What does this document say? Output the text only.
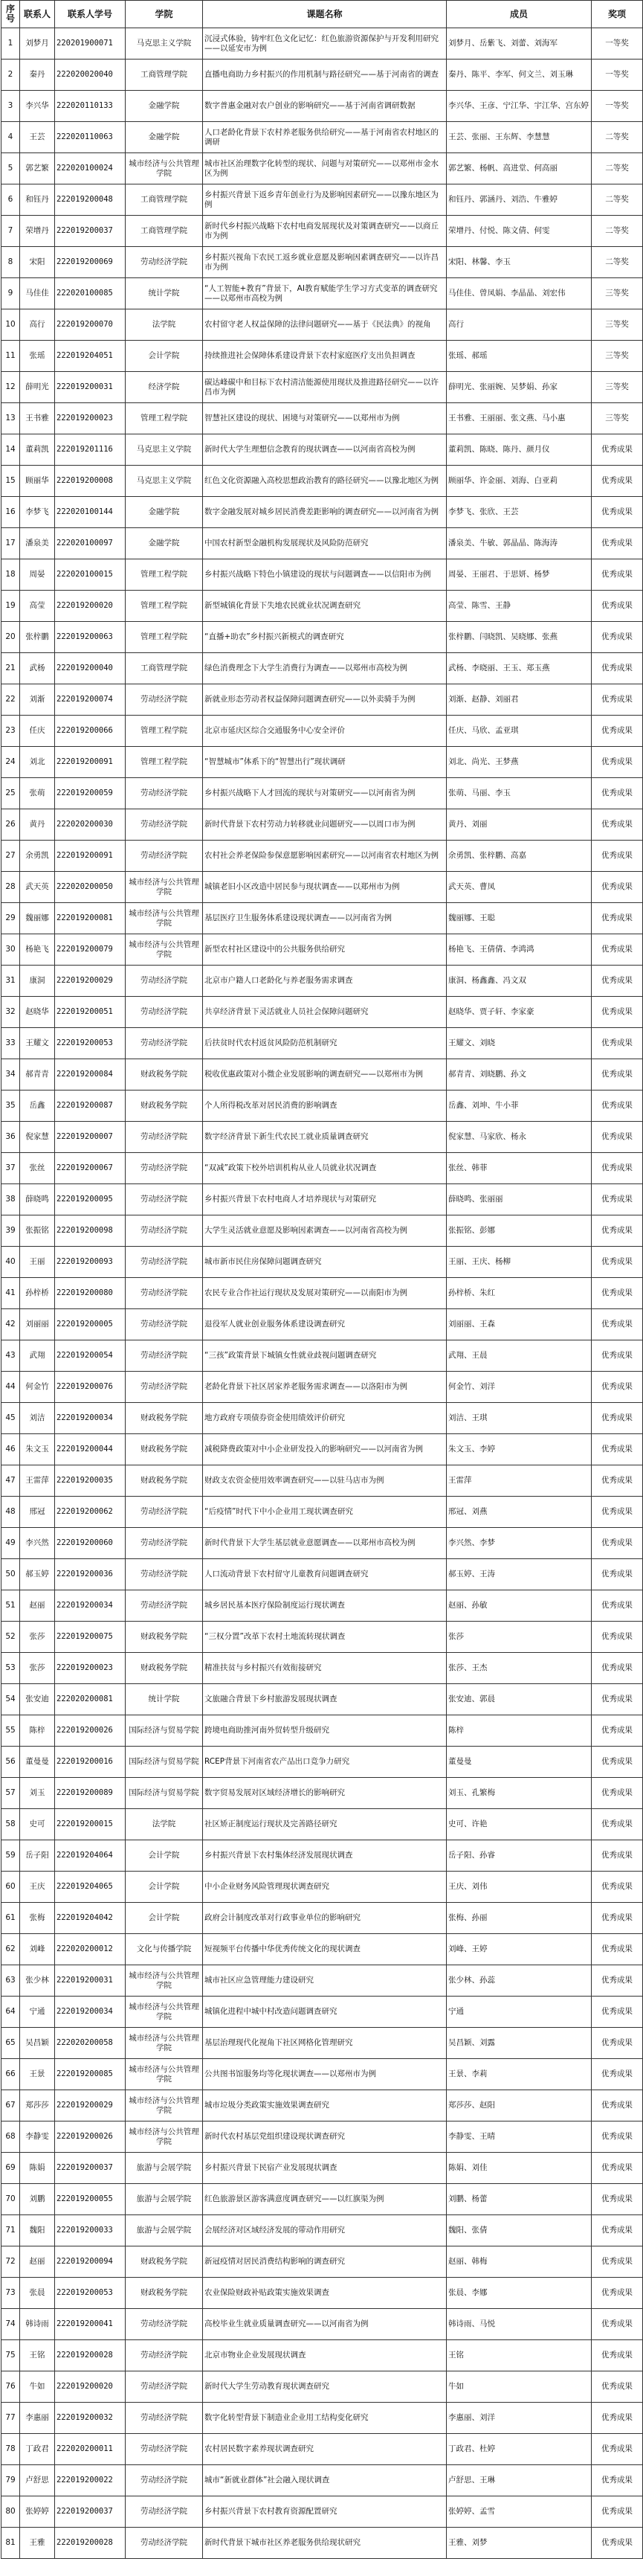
序号	联系人	联系人学号	学院	课题名称	成员	奖项
1	刘梦月	220201900071	马克思主义学院	沉浸式体验，铸牢红色文化记忆：红色旅游资源保护与开发利用研究——以延安市为例	刘梦月、岳紫飞、刘蕾、刘海军	一等奖
2	秦丹	222020020040	工商管理学院	直播电商助力乡村振兴的作用机制与路径研究——基于河南省的调查	秦丹、陈平、李军、何文兰、刘玉琳	一等奖
3	李兴华	222020110133	金融学院	数字普惠金融对农户创业的影响研究——基于河南省调研数据	李兴华、王彦、宁江华、宇江华、宫东婷	一等奖
4	王芸	222020110063	金融学院	人口老龄化背景下农村养老服务供给研究——基于河南省农村地区的调研	王芸、张丽、王东辉、李慧慧	二等奖
5	郭艺繁	222020100024	城市经济与公共管理学院	城市社区治理数字化转型的现状、问题与对策研究——以郑州市金水区为例	郭艺繁、杨帆、高进堂、何高丽	二等奖
6	和钰丹	222019200048	工商管理学院	乡村振兴背景下返乡青年创业行为及影响因素研究——以豫东地区为例	和钰丹、郭涵丹、刘浩、牛雅婷	二等奖
7	荣增丹	222019200037	工商管理学院	新时代乡村振兴战略下农村电商发展现状及对策调查研究——以商丘市为例	荣增丹、付悦、陈文倩、何雯	二等奖
8	宋阳	222019200069	劳动经济学院	乡村振兴视角下农民工返乡就业意愿及影响因素调查研究——以许昌市为例	宋阳、林馨、李玉	二等奖
9	马佳佳	222020100085	统计学院	“人工智能+教育”背景下，AI教育赋能学生学习方式变革的调查研究——以郑州市高校为例	马佳佳、曾凤娟、李晶晶、刘宏伟	三等奖
10	高行	222019200070	法学院	农村留守老人权益保障的法律问题研究——基于《民法典》的视角	高行	三等奖
11	张瑶	222019204051	会计学院	持续推进社会保障体系建设背景下农村家庭医疗支出负担调查	张瑶、郝瑶	三等奖
12	薛明光	222019200031	经济学院	碳达峰碳中和目标下农村清洁能源使用现状及推进路径研究——以许昌市为例	薛明光、张丽婉、吴梦娟、孙家	三等奖
13	王书雅	222019200023	管理工程学院	智慧社区建设的现状、困境与对策研究——以郑州市为例	王书雅、王丽丽、张文燕、马小惠	三等奖
14	董莉凯	222019201116	马克思主义学院	新时代大学生理想信念教育的现状调查——以河南省高校为例	董莉凯、陈晓、陈丹、颜月仪	优秀成果
15	顾丽华	222019200008	马克思主义学院	红色文化资源融入高校思想政治教育的路径研究——以豫北地区为例	顾丽华、许金丽、刘海、白亚莉	优秀成果
16	李梦飞	222020100144	金融学院	数字金融发展对城乡居民消费差距影响的调查研究——以河南省为例	李梦飞、张欣、王芸	优秀成果
17	潘泉美	222020100097	金融学院	中国农村新型金融机构发展现状及风险防范研究	潘泉美、牛敏、郭晶晶、陈海涛	优秀成果
18	周晏	222020100015	管理工程学院	乡村振兴战略下特色小镇建设的现状与问题调查——以信阳市为例	周晏、王丽君、于思妍、杨梦	优秀成果
19	高莹	222019200020	管理工程学院	新型城镇化背景下失地农民就业状况调查研究	高莹、陈雪、王静	优秀成果
20	张梓鹏	222019200063	管理工程学院	“直播+助农”乡村振兴新模式的调查研究	张梓鹏、闫晓凯、吴晓娜、张燕	优秀成果
21	武杨	222019200040	工商管理学院	绿色消费理念下大学生消费行为调查——以郑州市高校为例	武杨、李晓丽、王玉、郑玉燕	优秀成果
22	刘渐	222019200074	劳动经济学院	新就业形态劳动者权益保障问题调查研究——以外卖骑手为例	刘渐、赵静、刘丽君	优秀成果
23	任庆	222019200066	管理工程学院	北京市延庆区综合交通服务中心安全评价	任庆、马欣、孟亚琪	优秀成果
24	刘北	222019200091	管理工程学院	“智慧城市”体系下的“智慧出行”现状调研	刘北、尚光、王梦燕	优秀成果
25	张萌	222019200059	劳动经济学院	乡村振兴战略下人才回流的现状与对策研究——以河南省为例	张萌、马丽、李玉	优秀成果
26	黄丹	222020200030	劳动经济学院	新时代背景下农村劳动力转移就业问题研究——以周口市为例	黄丹、刘丽	优秀成果
27	余勇凯	222019200091	劳动经济学院	农村社会养老保险参保意愿影响因素研究——以河南省农村地区为例	余勇凯、张梓鹏、高嘉	优秀成果
28	武天英	222020200050	城市经济与公共管理学院	城镇老旧小区改造中居民参与现状调查——以郑州市为例	武天英、曹凤	优秀成果
29	魏丽娜	222019200081	城市经济与公共管理学院	基层医疗卫生服务体系建设现状调查——以河南省为例	魏丽娜、王聪	优秀成果
30	杨艳飞	222019200079	城市经济与公共管理学院	新型农村社区建设中的公共服务供给研究	杨艳飞、王倩倩、李鸿鸿	优秀成果
31	康洞	222019200029	劳动经济学院	北京市户籍人口老龄化与养老服务需求调查	康洞、杨鑫鑫、冯文双	优秀成果
32	赵晓华	222019200051	劳动经济学院	共享经济背景下灵活就业人员社会保障问题研究	赵晓华、贾子轩、李家豪	优秀成果
33	王耀文	222019200053	劳动经济学院	后扶贫时代农村返贫风险防范机制研究	王耀文、刘晓	优秀成果
34	郝青青	222019200084	财政税务学院	税收优惠政策对小微企业发展影响的调查研究——以郑州市为例	郝青青、刘晓鹏、孙文	优秀成果
35	岳鑫	222019200087	财政税务学院	个人所得税改革对居民消费的影响调查	岳鑫、刘坤、牛小菲	优秀成果
36	倪家慧	222019200007	劳动经济学院	数字经济背景下新生代农民工就业质量调查研究	倪家慧、马家欣、杨永	优秀成果
37	张丝	222019200067	劳动经济学院	“双减”政策下校外培训机构从业人员就业状况调查	张丝、韩菲	优秀成果
38	薛晓鸣	222019200095	劳动经济学院	乡村振兴背景下农村电商人才培养现状与对策研究	薛晓鸣、张丽丽	优秀成果
39	张振铭	222019200098	劳动经济学院	大学生灵活就业意愿及影响因素调查——以河南省高校为例	张振铭、彭娜	优秀成果
40	王丽	222019200093	劳动经济学院	城市新市民住房保障问题调查研究	王丽、王庆、杨柳	优秀成果
41	孙梓桥	222019200080	劳动经济学院	农民专业合作社运行现状及发展对策研究——以南阳市为例	孙梓桥、朱红	优秀成果
42	刘丽丽	222019200005	劳动经济学院	退役军人就业创业服务体系建设调查研究	刘丽丽、王森	优秀成果
43	武翔	222019200054	劳动经济学院	“三孩”政策背景下城镇女性就业歧视问题调查研究	武翔、王晨	优秀成果
44	何金竹	222019200076	劳动经济学院	老龄化背景下社区居家养老服务需求调查——以洛阳市为例	何金竹、刘洋	优秀成果
45	刘洁	222019200034	财政税务学院	地方政府专项债券资金使用绩效评价研究	刘洁、王琪	优秀成果
46	朱文玉	222019200044	财政税务学院	减税降费政策对中小企业研发投入的影响研究——以河南省为例	朱文玉、李婷	优秀成果
47	王雷萍	222019200035	财政税务学院	财政支农资金使用效率调查研究——以驻马店市为例	王雷萍	优秀成果
48	邢冠	222019200062	劳动经济学院	“后疫情”时代下中小企业用工现状调查研究	邢冠、刘燕	优秀成果
49	李兴然	222019200060	劳动经济学院	新时代背景下大学生基层就业意愿调查——以郑州市高校为例	李兴然、李梦	优秀成果
50	郝玉婷	222019200036	劳动经济学院	人口流动背景下农村留守儿童教育问题调查研究	郝玉婷、王涛	优秀成果
51	赵丽	222019200034	劳动经济学院	城乡居民基本医疗保险制度运行现状调查	赵丽、孙敏	优秀成果
52	张莎	222019200075	财政税务学院	“三权分置”改革下农村土地流转现状调查	张莎	优秀成果
53	张莎	222019200023	财政税务学院	精准扶贫与乡村振兴有效衔接研究	张莎、王杰	优秀成果
54	张安迪	222020200081	统计学院	文旅融合背景下乡村旅游发展现状调查	张安迪、郭晨	优秀成果
55	陈梓	222019200026	国际经济与贸易学院	跨境电商助推河南外贸转型升级研究	陈梓	优秀成果
56	董曼曼	222019200016	国际经济与贸易学院	RCEP背景下河南省农产品出口竞争力研究	董曼曼	优秀成果
57	刘玉	222019200089	国际经济与贸易学院	数字贸易发展对区域经济增长的影响研究	刘玉、孔繁梅	优秀成果
58	史可	222019200015	法学院	社区矫正制度运行现状及完善路径研究	史可、许艳	优秀成果
59	岳子阳	222019204064	会计学院	乡村振兴背景下农村集体经济发展现状调查	岳子阳、孙睿	优秀成果
60	王庆	222019204065	会计学院	中小企业财务风险管理现状调查研究	王庆、刘伟	优秀成果
61	张梅	222019204042	会计学院	政府会计制度改革对行政事业单位的影响研究	张梅、孙丽	优秀成果
62	刘峰	222020200012	文化与传播学院	短视频平台传播中华优秀传统文化的现状调查	刘峰、王婷	优秀成果
63	张少林	222019200031	城市经济与公共管理学院	城市社区应急管理能力建设研究	张少林、孙蕊	优秀成果
64	宁通	222019200034	城市经济与公共管理学院	城镇化进程中城中村改造问题调查研究	宁通	优秀成果
65	吴昌颖	222020200058	城市经济与公共管理学院	基层治理现代化视角下社区网格化管理研究	吴昌颖、刘露	优秀成果
66	王景	222019200085	城市经济与公共管理学院	公共图书馆服务均等化现状调查——以郑州市为例	王景、李莉	优秀成果
67	郑莎莎	222019200029	城市经济与公共管理学院	城市垃圾分类政策实施效果调查研究	郑莎莎、赵阳	优秀成果
68	李静雯	222019200026	城市经济与公共管理学院	新时代农村基层党组织建设现状调查研究	李静雯、王晴	优秀成果
69	陈娟	222019200037	旅游与会展学院	乡村振兴背景下民宿产业发展现状调查	陈娟、刘佳	优秀成果
70	刘鹏	222019200055	旅游与会展学院	红色旅游景区游客满意度调查研究——以红旗渠为例	刘鹏、杨蕾	优秀成果
71	魏阳	222019200033	旅游与会展学院	会展经济对区域经济发展的带动作用研究	魏阳、张倩	优秀成果
72	赵丽	222019200094	财政税务学院	新冠疫情对居民消费结构影响的调查研究	赵丽、韩梅	优秀成果
73	张晨	222019200053	财政税务学院	农业保险财政补贴政策实施效果调查	张晨、李娜	优秀成果
74	韩诗雨	222019200041	劳动经济学院	高校毕业生就业质量调查研究——以河南省为例	韩诗雨、马悦	优秀成果
75	王铭	222019200028	劳动经济学院	北京市物业企业发展现状调查	王铭	优秀成果
76	牛如	222019200020	劳动经济学院	新时代大学生劳动教育现状调查研究	牛如	优秀成果
77	李惠丽	222019200032	劳动经济学院	数字化转型背景下制造业企业用工结构变化研究	李惠丽、刘洋	优秀成果
78	丁政君	222020200011	劳动经济学院	农村居民数字素养现状调查研究	丁政君、杜婷	优秀成果
79	卢舒思	222019200022	劳动经济学院	城市“新就业群体”社会融入现状调查	卢舒思、王琳	优秀成果
80	张婷婷	222019200037	劳动经济学院	乡村振兴背景下农村教育资源配置研究	张婷婷、孟雪	优秀成果
81	王雅	222019200028	劳动经济学院	新时代背景下城市社区养老服务供给现状研究	王雅、刘梦	优秀成果
